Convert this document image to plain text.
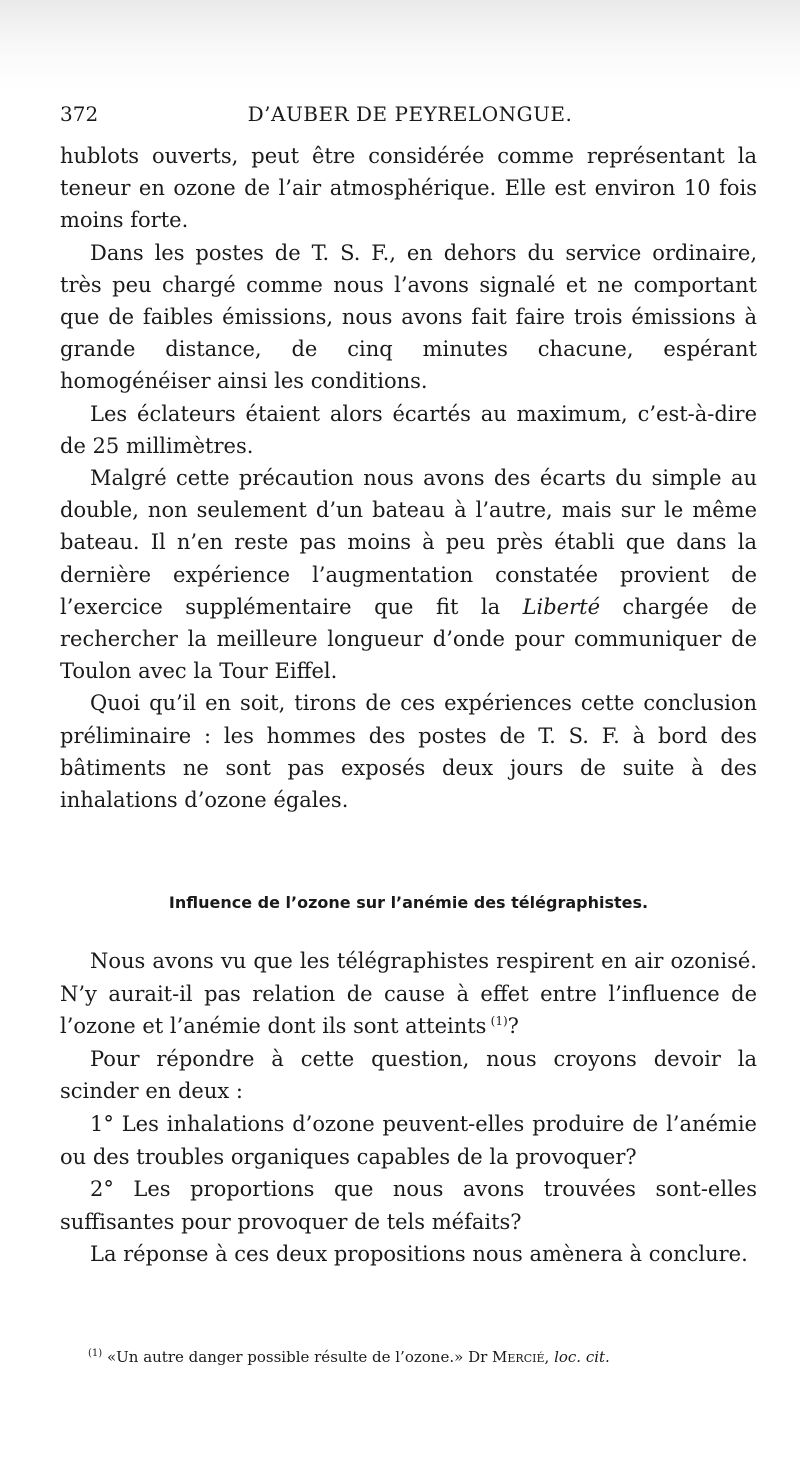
372	D’AUBER DE PEYRELONGUE.

hublots ouverts, peut être considérée comme représentant la teneur en ozone de l’air atmosphérique. Elle est environ 10 fois moins forte.

Dans les postes de T. S. F., en dehors du service ordinaire, très peu chargé comme nous l’avons signalé et ne comportant que de faibles émissions, nous avons fait faire trois émissions à grande distance, de cinq minutes chacune, espérant homogénéiser ainsi les conditions.

Les éclateurs étaient alors écartés au maximum, c’est-à-dire de 25 millimètres.

Malgré cette précaution nous avons des écarts du simple au double, non seulement d’un bateau à l’autre, mais sur le même bateau. Il n’en reste pas moins à peu près établi que dans la dernière expérience l’augmentation constatée provient de l’exercice supplémentaire que fit la Liberté chargée de rechercher la meilleure longueur d’onde pour communiquer de Toulon avec la Tour Eiffel.

Quoi qu’il en soit, tirons de ces expériences cette conclusion préliminaire : les hommes des postes de T. S. F. à bord des bâtiments ne sont pas exposés deux jours de suite à des inhalations d’ozone égales.

Influence de l’ozone sur l’anémie des télégraphistes.

Nous avons vu que les télégraphistes respirent en air ozonisé. N’y aurait-il pas relation de cause à effet entre l’influence de l’ozone et l’anémie dont ils sont atteints  $^{(1)}$?

Pour répondre à cette question, nous croyons devoir la scinder en deux :

1° Les inhalations d’ozone peuvent-elles produire de l’anémie ou des troubles organiques capables de la provoquer?

2° Les proportions que nous avons trouvées sont-elles suffisantes pour provoquer de tels méfaits?

La réponse à ces deux propositions nous amènera à conclure.

$^{(1)}$ «Un autre danger possible résulte de l’ozone.» Dr Mercié, loc. cit.
